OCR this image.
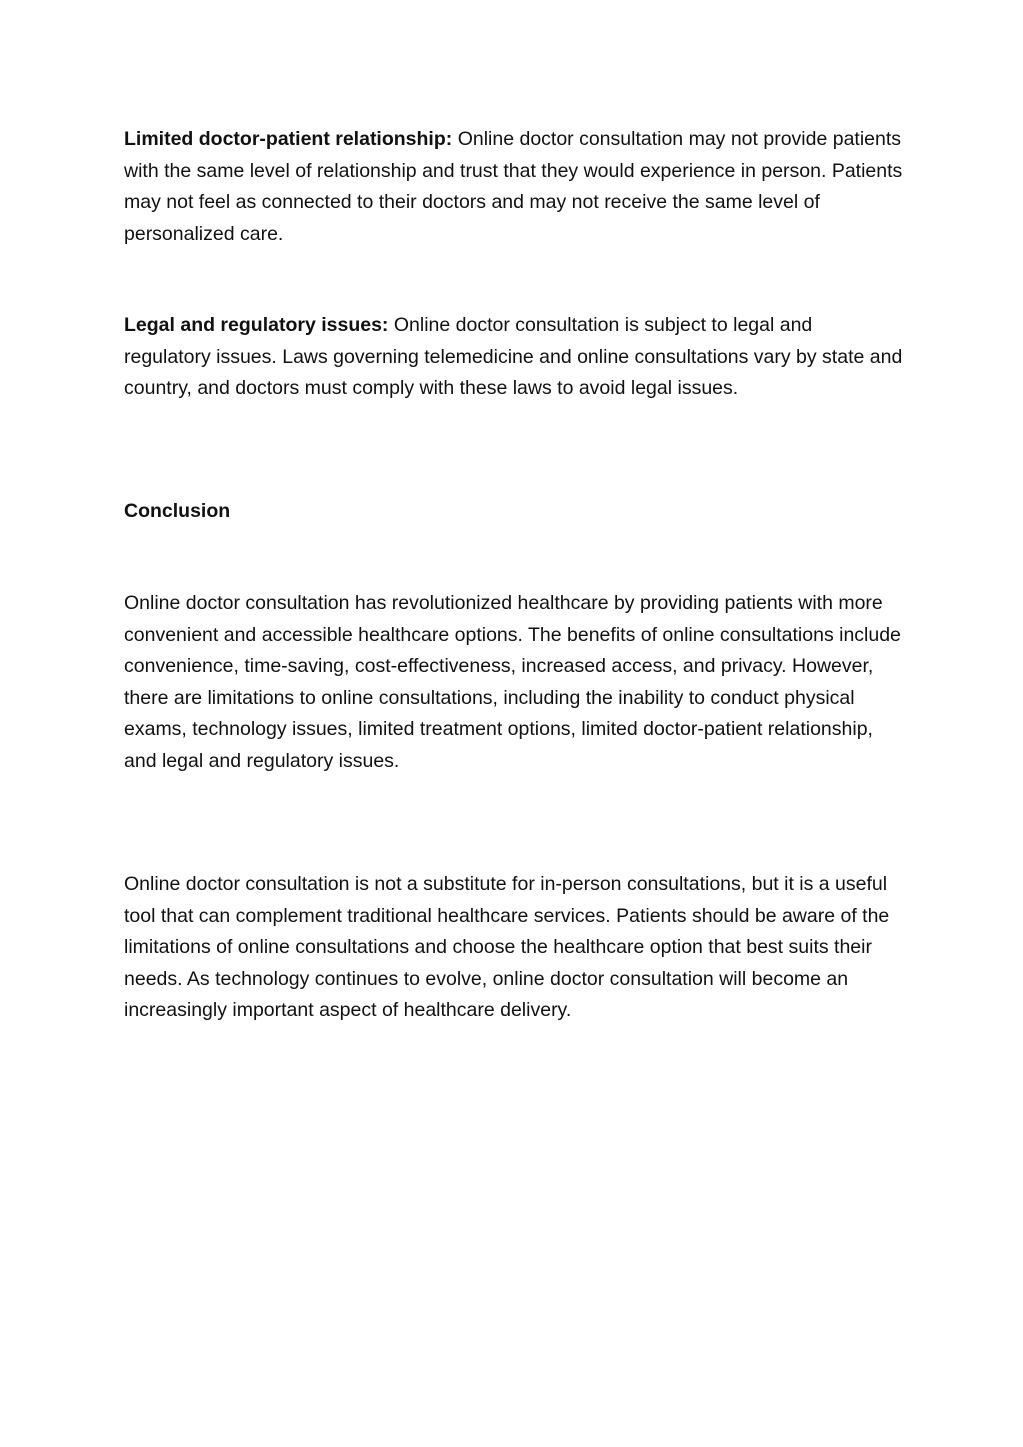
Limited doctor-patient relationship: Online doctor consultation may not provide patients with the same level of relationship and trust that they would experience in person. Patients may not feel as connected to their doctors and may not receive the same level of personalized care.

Legal and regulatory issues: Online doctor consultation is subject to legal and regulatory issues. Laws governing telemedicine and online consultations vary by state and country, and doctors must comply with these laws to avoid legal issues.

Conclusion

Online doctor consultation has revolutionized healthcare by providing patients with more convenient and accessible healthcare options. The benefits of online consultations include convenience, time-saving, cost-effectiveness, increased access, and privacy. However, there are limitations to online consultations, including the inability to conduct physical exams, technology issues, limited treatment options, limited doctor-patient relationship, and legal and regulatory issues.

Online doctor consultation is not a substitute for in-person consultations, but it is a useful tool that can complement traditional healthcare services. Patients should be aware of the limitations of online consultations and choose the healthcare option that best suits their needs. As technology continues to evolve, online doctor consultation will become an increasingly important aspect of healthcare delivery.
